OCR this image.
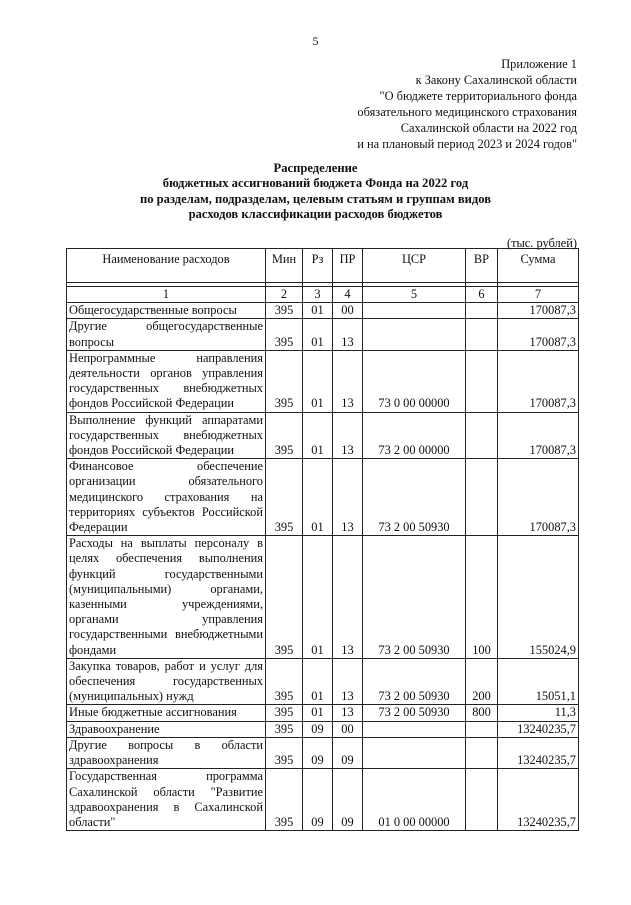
5
Приложение 1
к Закону Сахалинской области
"О бюджете территориального фонда
обязательного медицинского страхования
Сахалинской области на 2022 год
и на плановый период 2023 и 2024 годов"
Распределение
бюджетных ассигнований бюджета Фонда на 2022 год
по разделам, подразделам, целевым статьям и группам видов
расходов классификации расходов бюджетов
(тыс. рублей)
Наименование расходов	Мин	Рз	ПР	ЦСР	ВР	Сумма

1	2	3	4	5	6	7
Общегосударственные вопросы	395	01	00			170087,3
Другие общегосударственные вопросы	395	01	13			170087,3
Непрограммные направления деятельности органов управления государственных внебюджетных фондов Российской Федерации	395	01	13	73 0 00 00000		170087,3
Выполнение функций аппаратами государственных внебюджетных фондов Российской Федерации	395	01	13	73 2 00 00000		170087,3
Финансовое обеспечение организации обязательного медицинского страхования на территориях субъектов Российской Федерации	395	01	13	73 2 00 50930		170087,3
Расходы на выплаты персоналу в целях обеспечения выполнения функций государственными (муниципальными) органами, казенными учреждениями, органами управления государственными внебюджетными фондами	395	01	13	73 2 00 50930	100	155024,9
Закупка товаров, работ и услуг для обеспечения государственных (муниципальных) нужд	395	01	13	73 2 00 50930	200	15051,1
Иные бюджетные ассигнования	395	01	13	73 2 00 50930	800	11,3
Здравоохранение	395	09	00			13240235,7
Другие вопросы в области здравоохранения	395	09	09			13240235,7
Государственная программа Сахалинской области "Развитие здравоохранения в Сахалинской области"	395	09	09	01 0 00 00000		13240235,7
